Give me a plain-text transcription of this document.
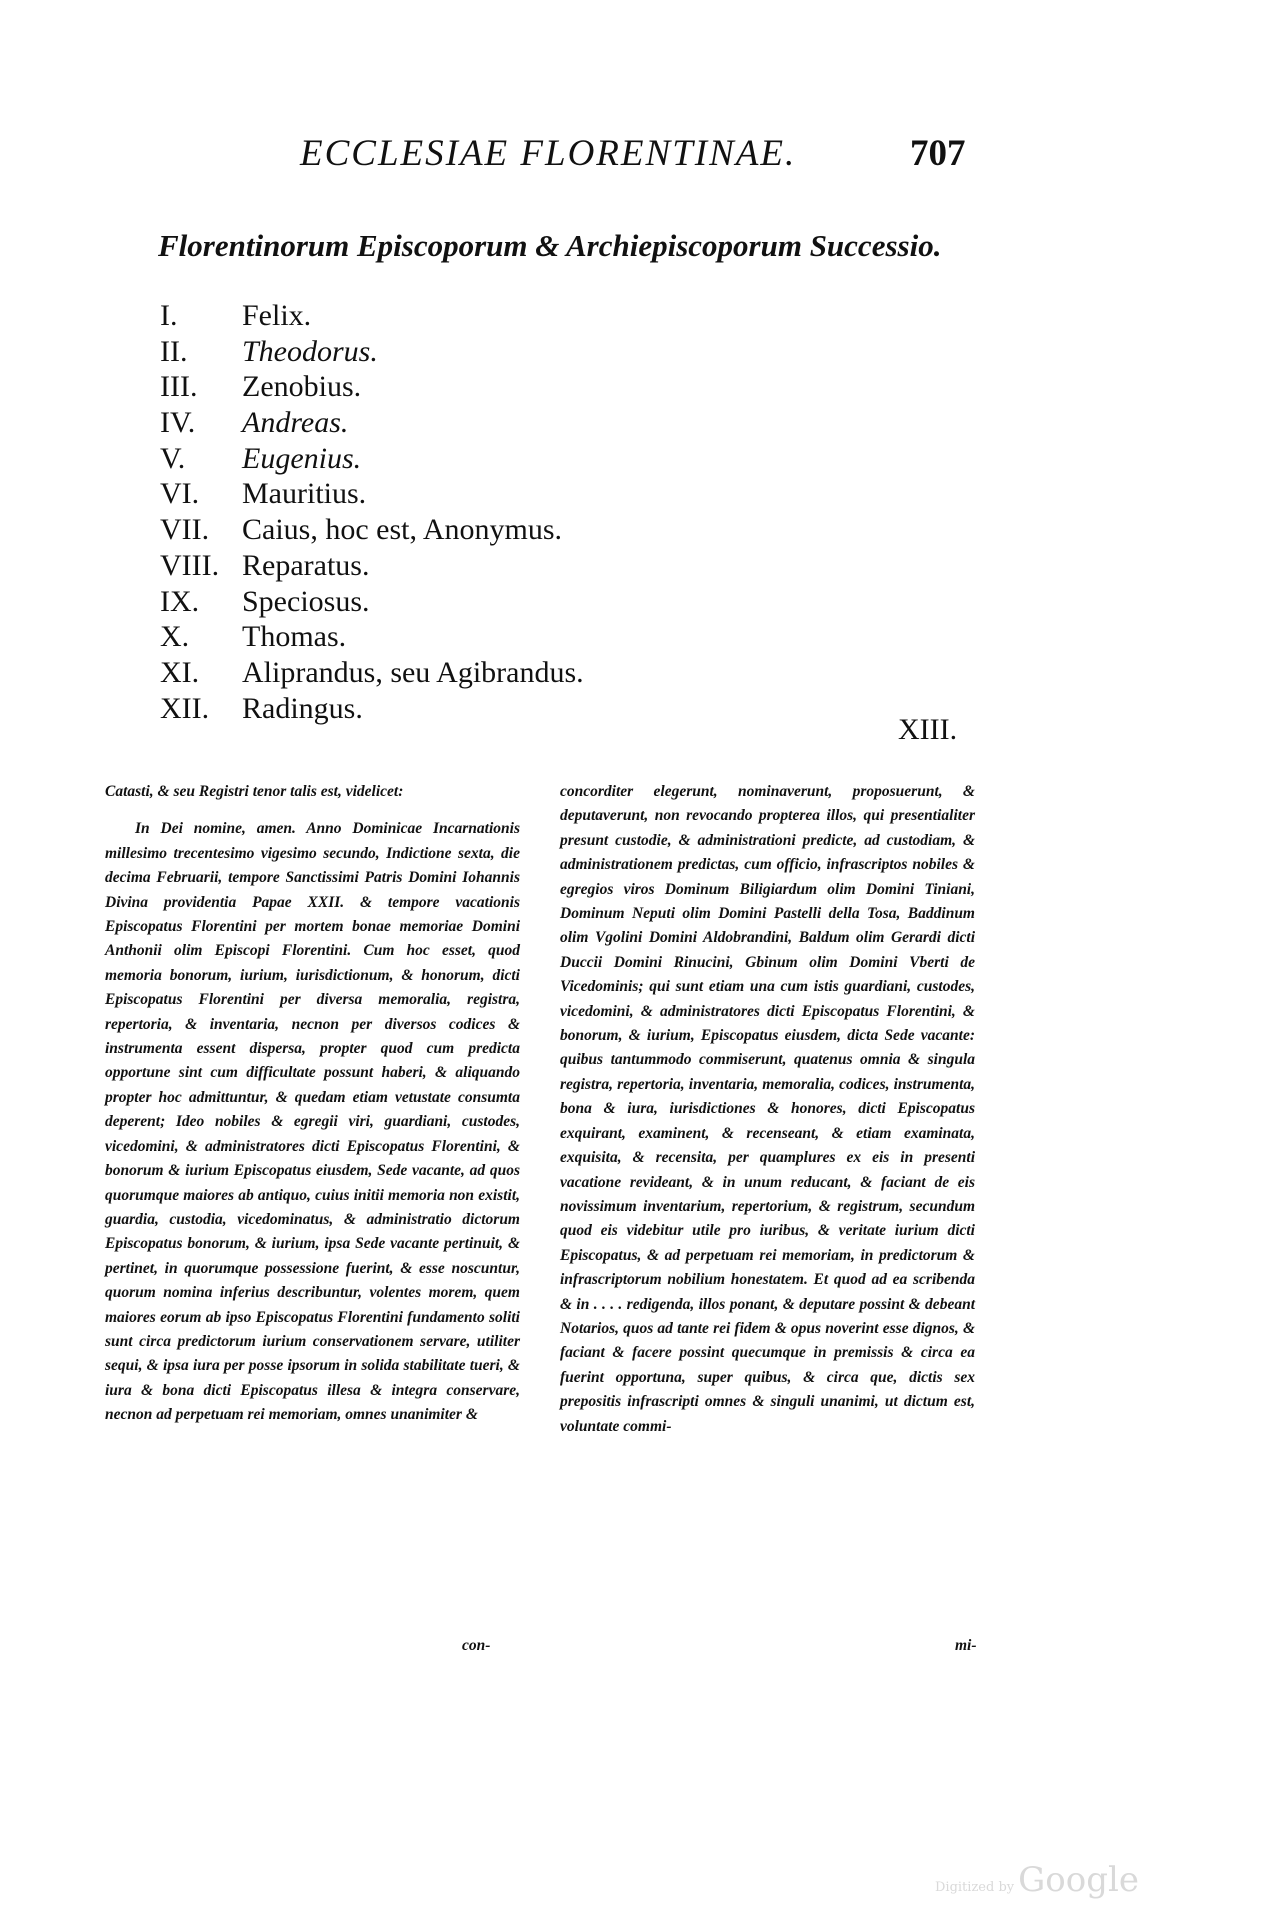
ECCLESIAE FLORENTINAE.	707
Florentinorum Episcoporum & Archiepiscoporum Successio.
I. Felix.
II. Theodorus.
III. Zenobius.
IV. Andreas.
V. Eugenius.
VI. Mauritius.
VII. Caius, hoc est, Anonymus.
VIII. Reparatus.
IX. Speciosus.
X. Thomas.
XI. Aliprandus, seu Agibrandus.
XII. Radingus.
XIII.

Catasti, & seu Registri tenor talis est, videlicet:

In Dei nomine, amen. Anno Dominicae Incarnationis millesimo trecentesimo vigesimo secundo, Indictione sexta, die decima Februarii, tempore Sanctissimi Patris Domini Iohannis Divina providentia Papae XXII. & tempore vacationis Episcopatus Florentini per mortem bonae memoriae Domini Anthonii olim Episcopi Florentini. Cum hoc esset, quod memoria bonorum, iurium, iurisdictionum, & honorum, dicti Episcopatus Florentini per diversa memoralia, registra, repertoria, & inventaria, necnon per diversos codices & instrumenta essent dispersa, propter quod cum predicta opportune sint cum difficultate possunt haberi, & aliquando propter hoc admittuntur, & quedam etiam vetustate consumta deperent; Ideo nobiles & egregii viri, guardiani, custodes, vicedomini, & administratores dicti Episcopatus Florentini, & bonorum & iurium Episcopatus eiusdem, Sede vacante, ad quos quorumque maiores ab antiquo, cuius initii memoria non existit, guardia, custodia, vicedominatus, & administratio dictorum Episcopatus bonorum, & iurium, ipsa Sede vacante pertinuit, & pertinet, in quorumque possessione fuerint, & esse noscuntur, quorum nomina inferius describuntur, volentes morem, quem maiores eorum ab ipso Episcopatus Florentini fundamento soliti sunt circa predictorum iurium conservationem servare, utiliter sequi, & ipsa iura per posse ipsorum in solida stabilitate tueri, & iura & bona dicti Episcopatus illesa & integra conservare, necnon ad perpetuam rei memoriam, omnes unanimiter &

con-

concorditer elegerunt, nominaverunt, proposuerunt, & deputaverunt, non revocando propterea illos, qui presentialiter presunt custodie, & administrationi predicte, ad custodiam, & administrationem predictas, cum officio, infrascriptos nobiles & egregios viros Dominum Biligiardum olim Domini Tiniani, Dominum Neputi olim Domini Pastelli della Tosa, Baddinum olim Vgolini Domini Aldobrandini, Baldum olim Gerardi dicti Duccii Domini Rinucini, Gbinum olim Domini Vberti de Vicedominis; qui sunt etiam una cum istis guardiani, custodes, vicedomini, & administratores dicti Episcopatus Florentini, & bonorum, & iurium, Episcopatus eiusdem, dicta Sede vacante: quibus tantummodo commiserunt, quatenus omnia & singula registra, repertoria, inventaria, memoralia, codices, instrumenta, bona & iura, iurisdictiones & honores, dicti Episcopatus exquirant, examinent, & recenseant, & etiam examinata, exquisita, & recensita, per quamplures ex eis in presenti vacatione revideant, & in unum reducant, & faciant de eis novissimum inventarium, repertorium, & registrum, secundum quod eis videbitur utile pro iuribus, & veritate iurium dicti Episcopatus, & ad perpetuam rei memoriam, in predictorum & infrascriptorum nobilium honestatem. Et quod ad ea scribenda & in . . . . redigenda, illos ponant, & deputare possint & debeant Notarios, quos ad tante rei fidem & opus noverint esse dignos, & faciant & facere possint quecumque in premissis & circa ea fuerint opportuna, super quibus, & circa que, dictis sex prepositis infrascripti omnes & singuli unanimi, ut dictum est, voluntate commi-

mi-
Digitized by Google
